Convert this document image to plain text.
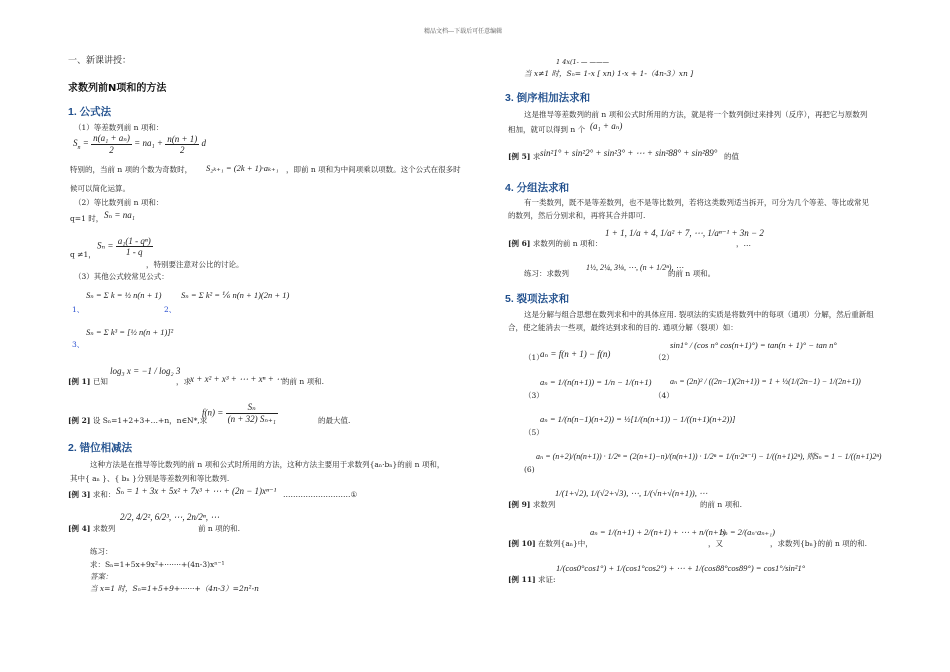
精品文档---下载后可任意编辑
一、新课讲授：
求数列前N项和的方法
1. 公式法
（1）等差数列前 n 项和：
$S_n = \frac{\text{n(a₁ + aₙ)}}{2} = na_1 + \frac{n(n + 1)}{2}$ d
特别的，当前 n 项的个数为奇数时， S₂ₖ₊₁ = (2k + 1)·aₖ₊₁ ，即前 n 项和为中间项乘以项数。这个公式在很多时
候可以简化运算。
（2）等比数列前 n 项和：
q=1 时， Sₙ = na₁
q ≠1，
$S_n = \frac{\text{a₁(1 - qⁿ)}}{1 - q}$
，特别要注意对公比的讨论。
（3）其他公式较常见公式：
Sₙ = Σ k = ½ n(n + 1) Sₙ = Σ k² = ⅙ n(n + 1)(2n + 1)
1、	2、
Sₙ = Σ k³ = [½ n(n + 1)]²
3、
[例 1] 已知
log₃ x = −1 / log₂ 3
，求 x + x² + x³ + ⋯ + xⁿ + ⋯
的前 n 项和.
[例 2] 设 Sₙ=1+2+3+…+n，n∈N*,求
$f(n) = \frac{\text{Sₙ}}{\text{(n + 32) Sₙ₊₁}}$	的最大值.
2. 错位相减法
这种方法是在推导等比数列的前 n 项和公式时所用的方法，这种方法主要用于求数列{aₙ·bₙ}的前 n 项和，
其中{ aₙ }、{ bₙ }分别是等差数列和等比数列.
[例 3] 求和： Sₙ = 1 + 3x + 5x² + 7x³ + ⋯ + (2n − 1)xⁿ⁻¹ ………………………①
[例 4] 求数列
2/2, 4/2², 6/2³, ⋯, 2n/2ⁿ, ⋯
前 n 项的和.
练习：
求：Sₙ=1+5x+9x²+·······+(4n-3)xⁿ⁻¹
答案：
当 x=1 时，Sₙ=1+5+9+······+（4n-3）=2n²-n
1 4x(1- — ———
当 x≠1 时，Sₙ= 1-x [ xn) 1-x + 1-（4n-3）xn ]
3. 倒序相加法求和
这是推导等差数列的前 n 项和公式时所用的方法，就是将一个数列倒过来排列（反序），再把它与原数列
相加，就可以得到 n 个 (a₁ + aₙ)
[例 5] 求 sin²1° + sin²2° + sin²3° + ⋯ + sin²88° + sin²89° 的值
4. 分组法求和
有一类数列，既不是等差数列，也不是等比数列，若将这类数列适当拆开，可分为几个等差、等比或常见
的数列，然后分别求和，再将其合并即可.
[例 6] 求数列的前 n 项和：
1 + 1, 1/a + 4, 1/a² + 7, ⋯, 1/aⁿ⁻¹ + 3n − 2
，…
练习：求数列
1½, 2¼, 3⅛, ⋯, (n + 1/2ⁿ), ⋯
的前 n 项和。
5. 裂项法求和
这是分解与组合思想在数列求和中的具体应用. 裂项法的实质是将数列中的每项（通项）分解，然后重新组
合，使之能消去一些项，最终达到求和的目的. 通项分解（裂项）如：
（1）
aₙ = f(n + 1) − f(n)	（2）
sin1° / (cos n° cos(n+1)°) = tan(n + 1)° − tan n°
（3）
aₙ = 1/(n(n+1)) = 1/n − 1/(n+1)
（4）
aₙ = (2n)² / ((2n−1)(2n+1)) = 1 + ½(1/(2n−1) − 1/(2n+1))
（5）
aₙ = 1/(n(n−1)(n+2)) = ½[1/(n(n+1)) − 1/((n+1)(n+2))]
(6)
aₙ = (n+2)/(n(n+1)) · 1/2ⁿ = (2(n+1)−n)/(n(n+1)) · 1/2ⁿ = 1/(n·2ⁿ⁻¹) − 1/((n+1)2ⁿ), 则Sₙ = 1 − 1/((n+1)2ⁿ)
[例 9] 求数列
1/(1+√2), 1/(√2+√3), ⋯, 1/(√n+√(n+1)), ⋯
的前 n 项和.
[例 10] 在数列{aₙ}中，
aₙ = 1/(n+1) + 2/(n+1) + ⋯ + n/(n+1)
，又
bₙ = 2/(aₙ·aₙ₊₁)
，求数列{bₙ}的前 n 项的和.
[例 11] 求证:
1/(cos0°cos1°) + 1/(cos1°cos2°) + ⋯ + 1/(cos88°cos89°) = cos1°/sin²1°
